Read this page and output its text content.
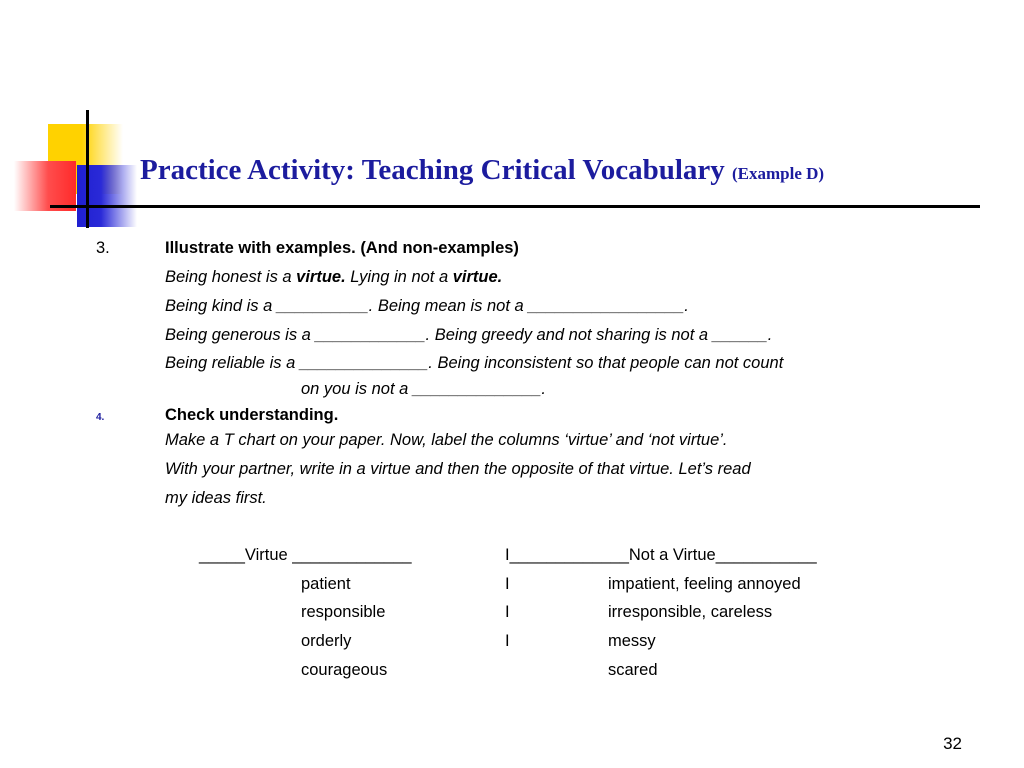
Practice Activity: Teaching Critical Vocabulary (Example D)
3.	Illustrate with examples. (And non-examples)
Being honest is a virtue. Lying in not a virtue.
Being kind is a __________. Being mean is not a _________________.
Being generous is a ____________. Being greedy and not sharing is not a ______.
Being reliable is a ______________. Being inconsistent so that people can not count
on you is not a ______________.
4.	Check understanding.
Make a T chart on your paper. Now, label the columns ‘virtue’ and ‘not virtue’.
With your partner, write in a virtue and then the opposite of that virtue. Let’s read
my ideas first.
_____Virtue _____________	I_____________Not a Virtue___________
patient	I	impatient, feeling annoyed
responsible	I	irresponsible, careless
orderly	I	messy
courageous	scared
32
